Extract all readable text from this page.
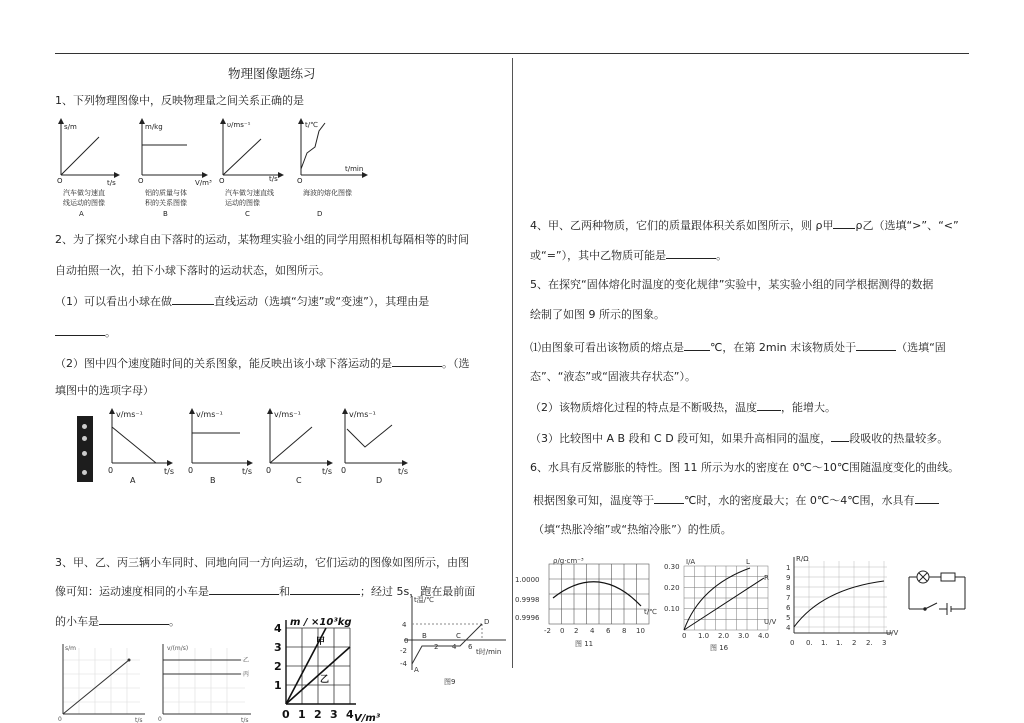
物理图像题练习
1、下列物理图像中，反映物理量之间关系正确的是
s/m
t/s
O
汽车做匀速直
线运动的图像
A
m/kg
V/m³
O
铝的质量与体
积的关系图像
B
υ/ms⁻¹
t/s
O
汽车做匀速直线
运动的图像
C
t/℃
t/min
O
海波的熔化图像
D
2、为了探究小球自由下落时的运动，某物理实验小组的同学用照相机每隔相等的时间
自动拍照一次，拍下小球下落时的运动状态，如图所示。
（1）可以看出小球在做	直线运动（选填“匀速”或“变速”），其理由是
。
（2）图中四个速度随时间的关系图象，能反映出该小球下落运动的是	。（选
填图中的选项字母）
v/ms⁻¹
t/s
0
A
v/ms⁻¹
t/s
0
B
v/ms⁻¹
t/s
0
C
v/ms⁻¹
t/s
0
D
3、甲、乙、丙三辆小车同时、同地向同一方向运动，它们运动的图像如图所示，由图
像可知：运动速度相同的小车是	和	；经过 5s，跑在最前面
的小车是	。
s/m
t/s
0
v/(m/s)
t/s
0
乙
丙
m / ×10³kg
V/m³
4
3
2
1
0 1 2 3 4
甲
乙
t温/℃
t时/min
4
0
-2
-4
2 4 6
A
B	C
D
图9
4、甲、乙两种物质，它们的质量跟体积关系如图所示，则 ρ甲 ρ乙（选填“>”、“<”
或“=”），其中乙物质可能是	。
5、在探究“固体熔化时温度的变化规律”实验中，某实验小组的同学根据测得的数据
绘制了如图 9 所示的图象。
⑴由图象可看出该物质的熔点是 ℃，在第 2min 末该物质处于	（选填“固
态”、“液态”或“固液共存状态”）。
（2）该物质熔化过程的特点是不断吸热，温度 ，能增大。
（3）比较图中 A B 段和 C D 段可知，如果升高相同的温度， 段吸收的热量较多。
6、水具有反常膨胀的特性。图 11 所示为水的密度在 0℃～10℃围随温度变化的曲线。
根据图象可知，温度等于	℃时，水的密度最大；在 0℃～4℃围，水具有
（填“热胀冷缩”或“热缩冷胀”）的性质。
ρ/g·cm⁻³
t/℃
1.0000
0.9998
0.9996
-2 0 2 4 6 8 10
图 11
I/A
U/V
L
R
0.30
0.20
0.10
0 1.0 2.0 3.0 4.0
图 16
R/Ω
U/V
1
9
8
7
6
5
4
0 0. 1. 1. 2 2. 3
